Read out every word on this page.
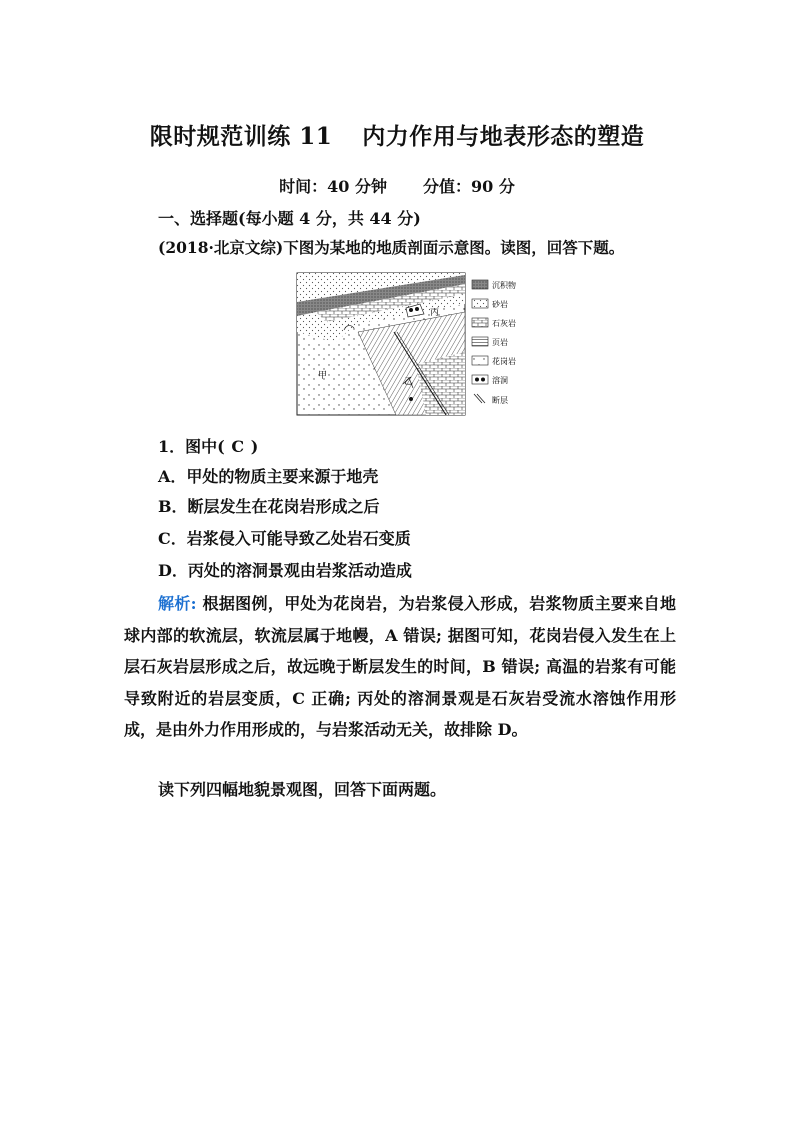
限时规范训练 11 内力作用与地表形态的塑造
时间：40 分钟 分值：90 分
一、选择题(每小题 4 分，共 44 分)
(2018·北京文综)下图为某地的地质剖面示意图。读图，回答下题。
甲
乙
丙
沉积物
砂岩
石灰岩
页岩
花岗岩
溶洞
断层
1．图中( C )
A．甲处的物质主要来源于地壳
B．断层发生在花岗岩形成之后
C．岩浆侵入可能导致乙处岩石变质
D．丙处的溶洞景观由岩浆活动造成
解析: 根据图例，甲处为花岗岩，为岩浆侵入形成，岩浆物质主要来自地球内部的软流层，软流层属于地幔，A 错误; 据图可知，花岗岩侵入发生在上层石灰岩层形成之后，故远晚于断层发生的时间，B 错误; 高温的岩浆有可能导致附近的岩层变质，C 正确; 丙处的溶洞景观是石灰岩受流水溶蚀作用形成，是由外力作用形成的，与岩浆活动无关，故排除 D。
读下列四幅地貌景观图，回答下面两题。
